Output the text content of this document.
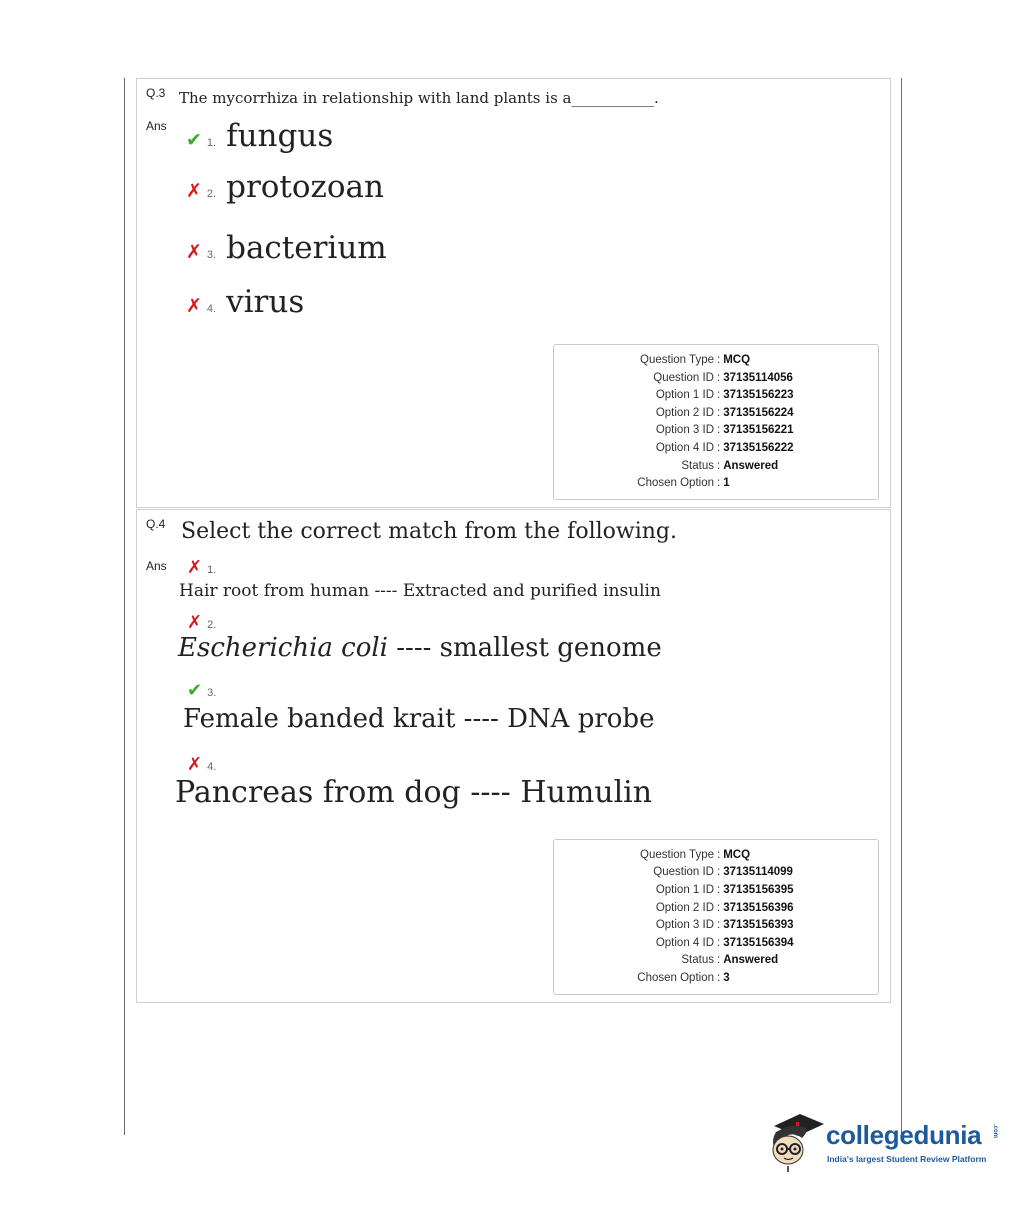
Q.3
Ans
The mycorrhiza in relationship with land plants is a___________.
✔ 1. fungus
✗ 2. protozoan
✗ 3. bacterium
✗ 4. virus
Question Type : MCQ
Question ID : 37135114056
Option 1 ID : 37135156223
Option 2 ID : 37135156224
Option 3 ID : 37135156221
Option 4 ID : 37135156222
Status : Answered
Chosen Option : 1
Q.4
Ans
Select the correct match from the following.
✗ 1.
Hair root from human ---- Extracted and purified insulin
✗ 2.
Escherichia coli ---- smallest genome
✔ 3.
Female banded krait ---- DNA probe
✗ 4.
Pancreas from dog ---- Humulin
Question Type : MCQ
Question ID : 37135114099
Option 1 ID : 37135156395
Option 2 ID : 37135156396
Option 3 ID : 37135156393
Option 4 ID : 37135156394
Status : Answered
Chosen Option : 3
collegedunia .com
India's largest Student Review Platform
